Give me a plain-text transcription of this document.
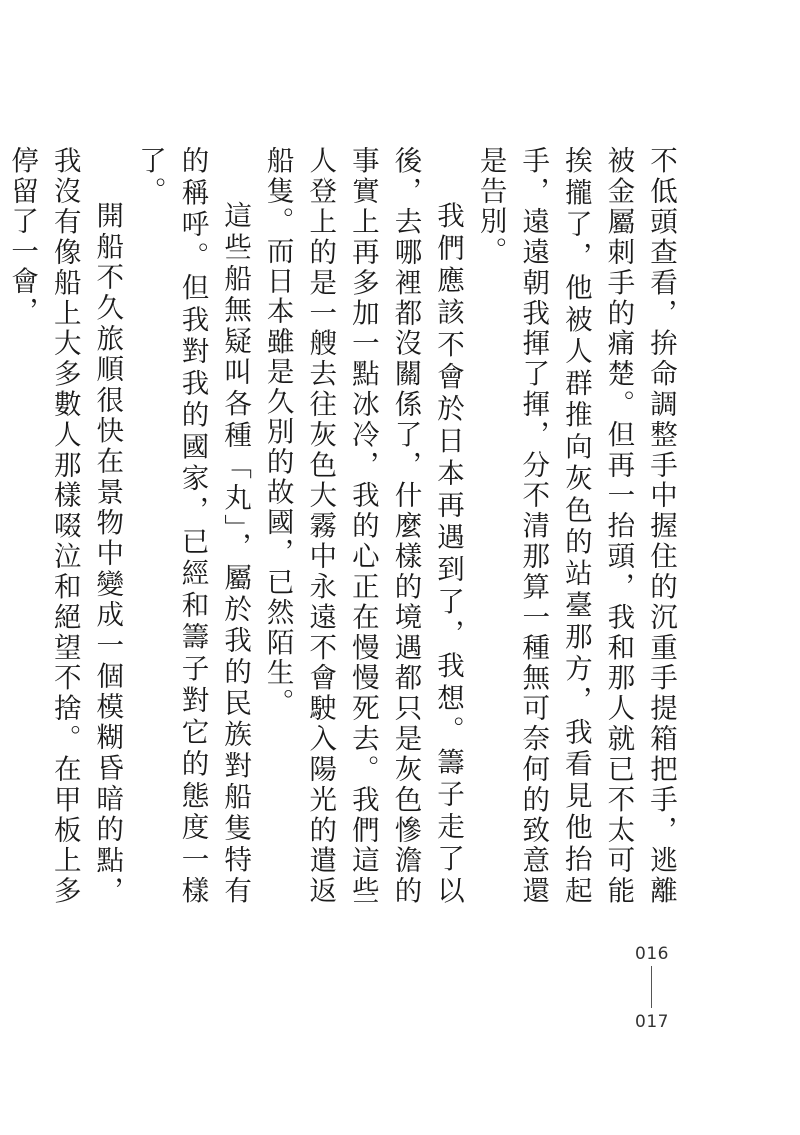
不低頭查看，拚命調整手中握住的沉重手提箱把手，逃離被金屬刺手的痛楚。但再一抬頭，我和那人就已不太可能挨攏了，他被人群推向灰色的站臺那方，我看見他抬起手，遠遠朝我揮了揮，分不清那算一種無可奈何的致意還是告別。

我們應該不會於日本再遇到了，我想。籌子走了以後，去哪裡都沒關係了，什麼樣的境遇都只是灰色慘澹的事實上再多加一點冰冷，我的心正在慢慢死去。我們這些人登上的是一艘去往灰色大霧中永遠不會駛入陽光的遣返船隻。而日本雖是久別的故國，已然陌生。

這些船無疑叫各種「丸」，屬於我的民族對船隻特有的稱呼。但我對我的國家，已經和籌子對它的態度一樣了。

開船不久旅順很快在景物中變成一個模糊昏暗的點，我沒有像船上大多數人那樣啜泣和絕望不捨。在甲板上多停留了一會，

016
017
